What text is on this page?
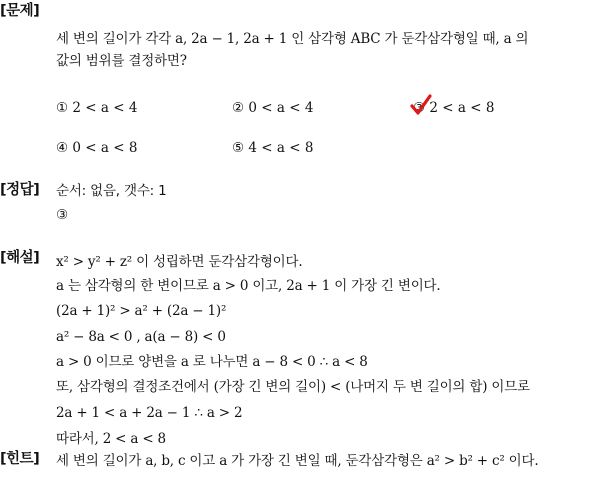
[문제]
세 변의 길이가 각각 a, 2a − 1, 2a + 1 인 삼각형 ABC 가 둔각삼각형일 때, a 의
값의 범위를 결정하면?
① 2 < a < 4	② 0 < a < 4	③ 2 < a < 8
④ 0 < a < 8	⑤ 4 < a < 8
[정답] 순서: 없음, 갯수: 1
③
[해설] x² > y² + z² 이 성립하면 둔각삼각형이다.
a 는 삼각형의 한 변이므로 a > 0 이고, 2a + 1 이 가장 긴 변이다.
(2a + 1)² > a² + (2a − 1)²
a² − 8a < 0 , a(a − 8) < 0
a > 0 이므로 양변을 a 로 나누면 a − 8 < 0 ∴ a < 8
또, 삼각형의 결정조건에서 (가장 긴 변의 길이) < (나머지 두 변 길이의 합) 이므로
2a + 1 < a + 2a − 1 ∴ a > 2
따라서, 2 < a < 8
[힌트] 세 변의 길이가 a, b, c 이고 a 가 가장 긴 변일 때, 둔각삼각형은 a² > b² + c² 이다.
